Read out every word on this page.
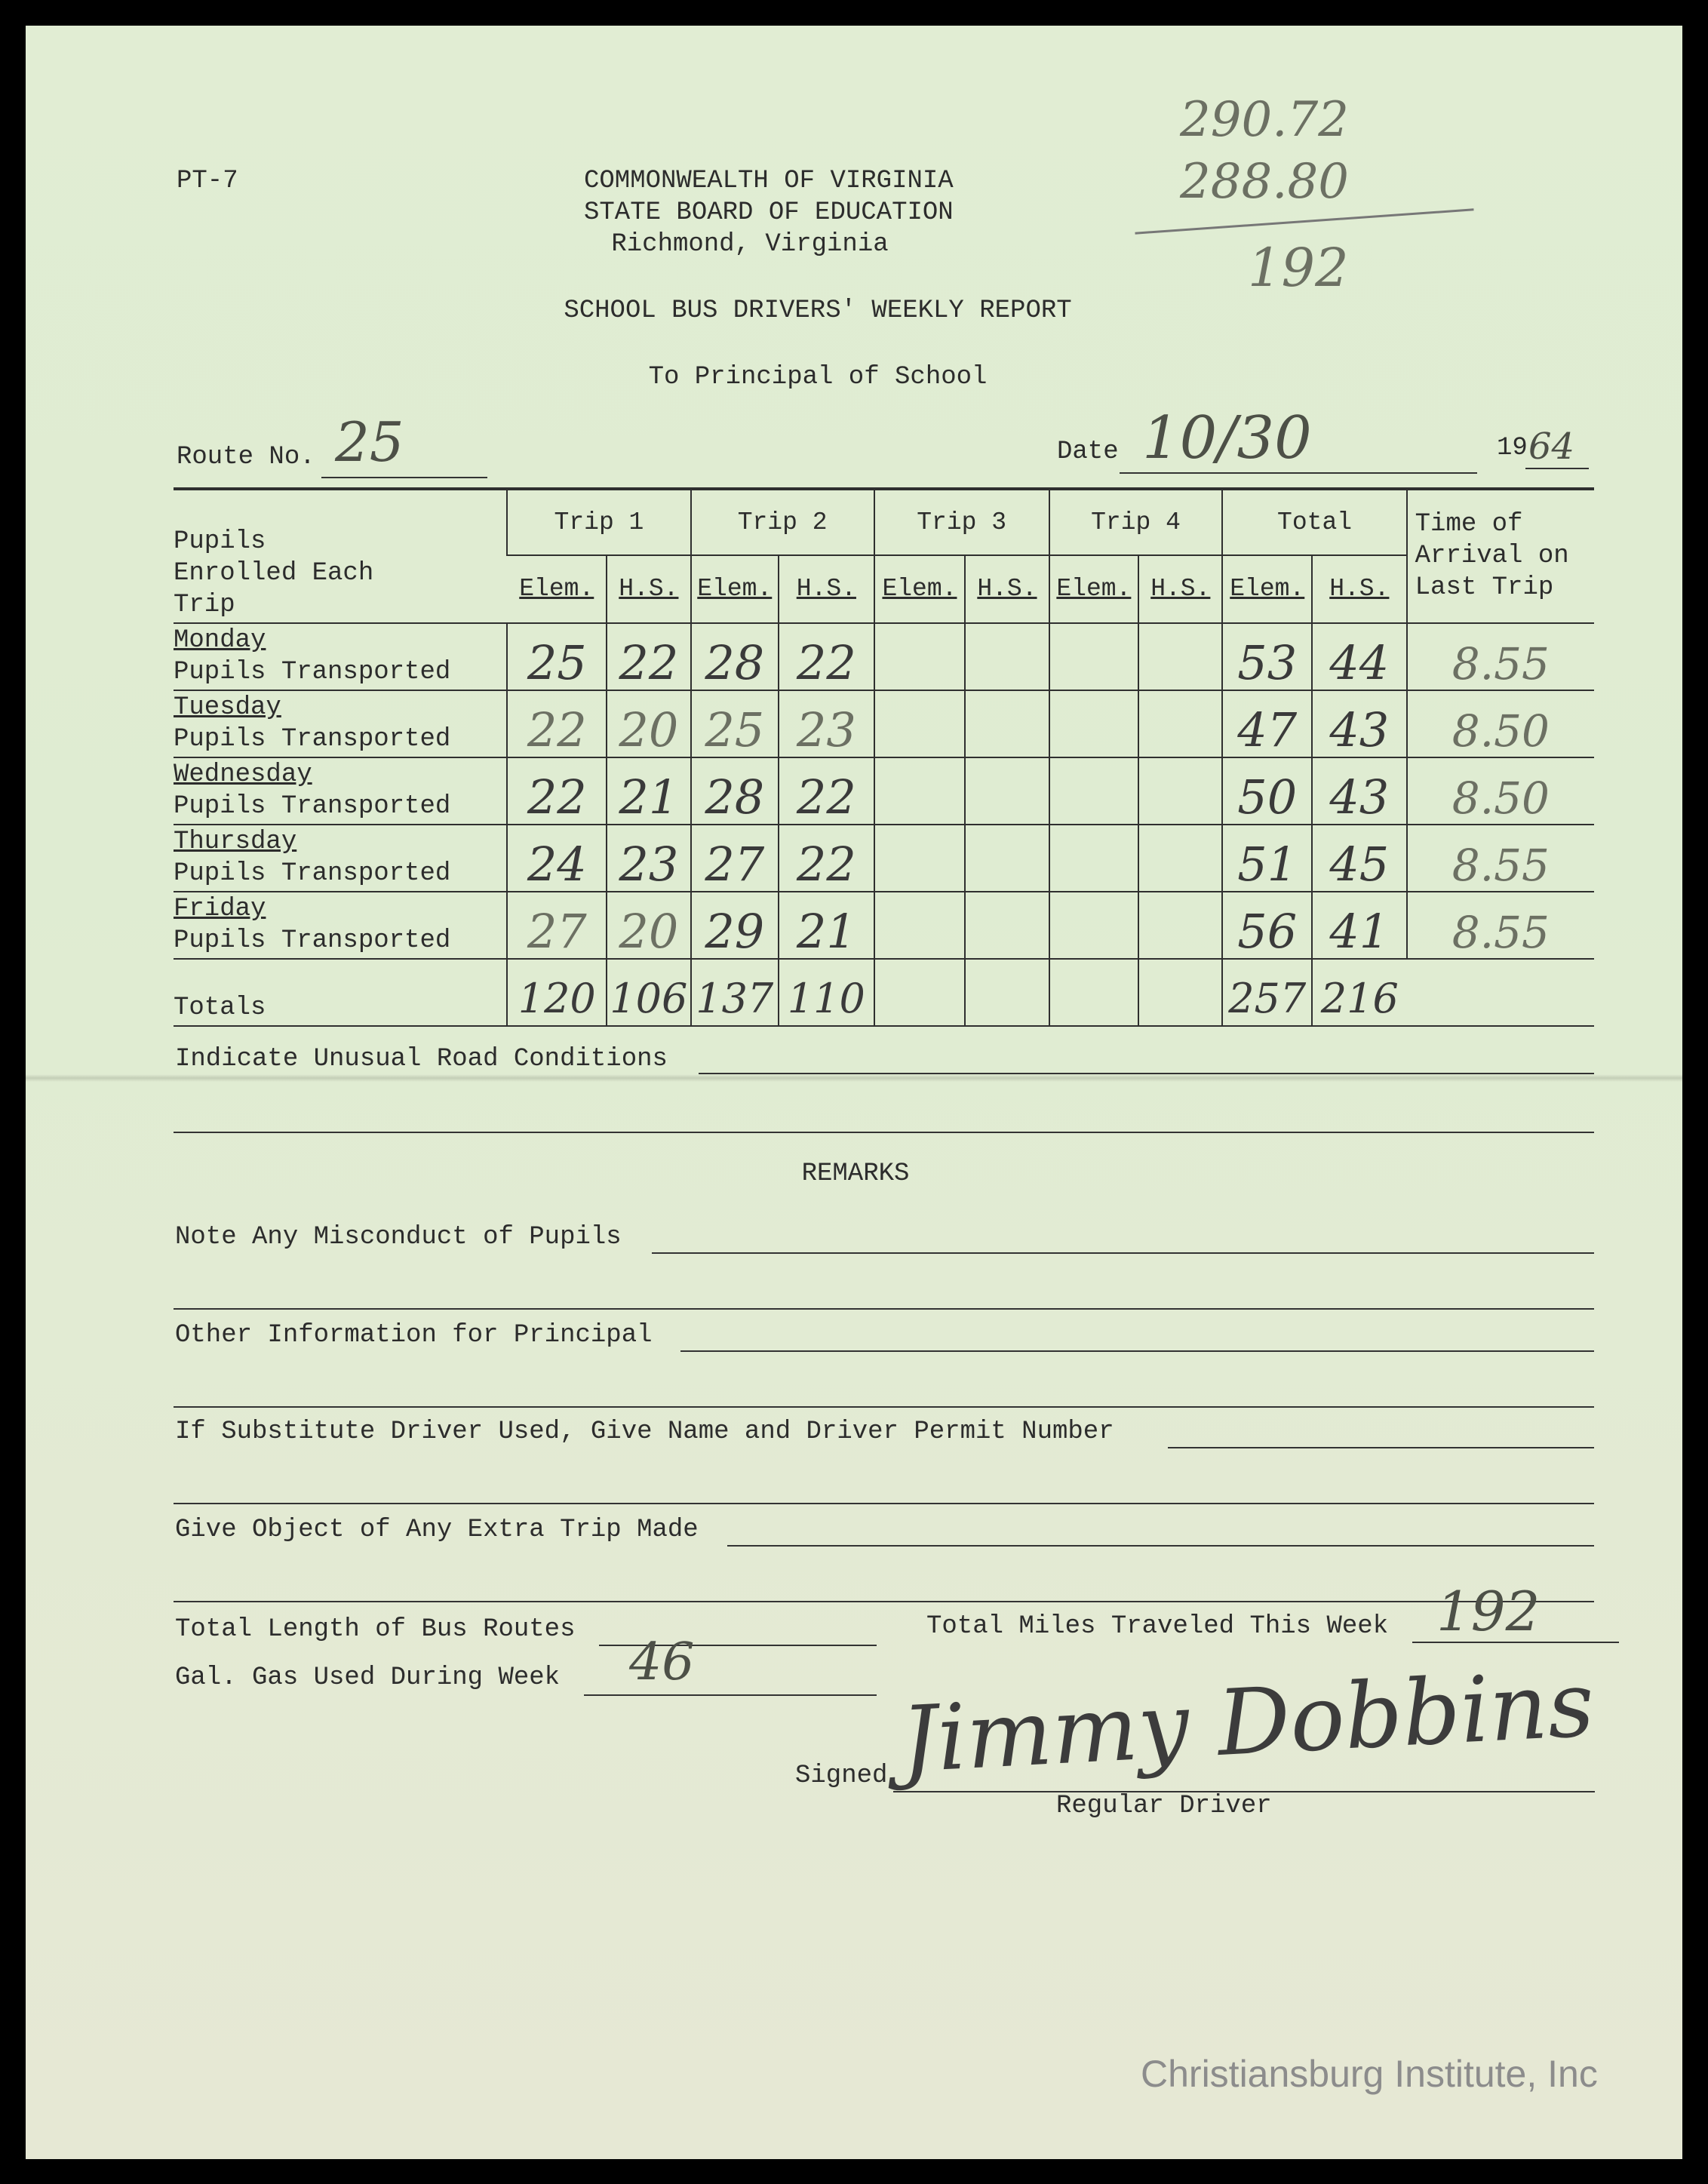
PT-7	COMMONWEALTH OF VIRGINIA
STATE BOARD OF EDUCATION
Richmond, Virginia
SCHOOL BUS DRIVERS' WEEKLY REPORT
To Principal of School
290.72
288.80
192
Route No. 25	Date 10/30	19 64
Pupils Enrolled Each Trip	Trip 1		Trip 2		Trip 3		Trip 4		Total		Time of
Arrival on
Last Trip

	Elem.	H.S.	Elem.	H.S.	Elem.	H.S.	Elem.	H.S.	Elem.	H.S.	

Monday
Pupils Transported	25	22	28	22					53	44	8.55

Tuesday
Pupils Transported	22	20	25	23					47	43	8.50

Wednesday
Pupils Transported	22	21	28	22					50	43	8.50

Thursday
Pupils Transported	24	23	27	22					51	45	8.55

Friday
Pupils Transported	27	20	29	21					56	41	8.55
Totals	120	106	137	110					257	216	
Indicate Unusual Road Conditions
REMARKS
Note Any Misconduct of Pupils
Other Information for Principal
If Substitute Driver Used, Give Name and Driver Permit Number
Give Object of Any Extra Trip Made
Total Length of Bus Routes	Total Miles Traveled This Week 192
Gal. Gas Used During Week 46
Signed Jimmy Dobbins
Regular Driver
Christiansburg Institute, Inc
